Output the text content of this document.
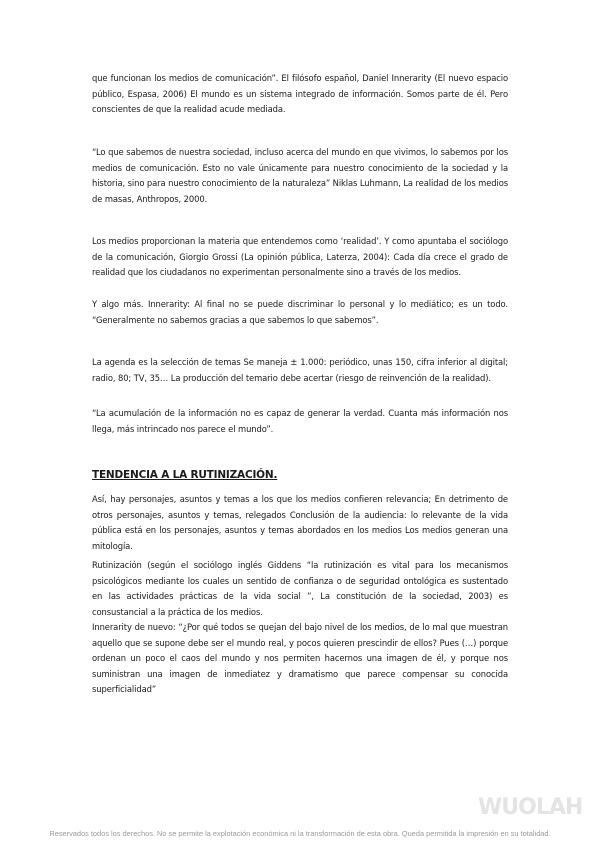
que funcionan los medios de comunicación”. El filósofo español, Daniel Innerarity (El nuevo espacio público, Espasa, 2006) El mundo es un sistema integrado de información. Somos parte de él. Pero conscientes de que la realidad acude mediada.

“Lo que sabemos de nuestra sociedad, incluso acerca del mundo en que vivimos, lo sabemos por los medios de comunicación. Esto no vale únicamente para nuestro conocimiento de la sociedad y la historia, sino para nuestro conocimiento de la naturaleza” Niklas Luhmann, La realidad de los medios de masas, Anthropos, 2000.

Los medios proporcionan la materia que entendemos como ‘realidad’. Y como apuntaba el sociólogo de la comunicación, Giorgio Grossi (La opinión pública, Laterza, 2004): Cada día crece el grado de realidad que los ciudadanos no experimentan personalmente sino a través de los medios.

Y algo más. Innerarity: Al final no se puede discriminar lo personal y lo mediático; es un todo. “Generalmente no sabemos gracias a que sabemos lo que sabemos”.

La agenda es la selección de temas Se maneja ± 1.000: periódico, unas 150, cifra inferior al digital; radio, 80; TV, 35… La producción del temario debe acertar (riesgo de reinvención de la realidad).

“La acumulación de la información no es capaz de generar la verdad. Cuanta más información nos llega, más intrincado nos parece el mundo”.

TENDENCIA A LA RUTINIZACIÓN.

Así, hay personajes, asuntos y temas a los que los medios confieren relevancia; En detrimento de otros personajes, asuntos y temas, relegados Conclusión de la audiencia: lo relevante de la vida pública está en los personajes, asuntos y temas abordados en los medios Los medios generan una mitología.

Rutinización (según el sociólogo inglés Giddens “la rutinización es vital para los mecanismos psicológicos mediante los cuales un sentido de confianza o de seguridad ontológica es sustentado en las actividades prácticas de la vida social ”, La constitución de la sociedad, 2003) es consustancial a la práctica de los medios.

Innerarity de nuevo: “¿Por qué todos se quejan del bajo nivel de los medios, de lo mal que muestran aquello que se supone debe ser el mundo real, y pocos quieren prescindir de ellos? Pues (…) porque ordenan un poco el caos del mundo y nos permiten hacernos una imagen de él, y porque nos suministran una imagen de inmediatez y dramatismo que parece compensar su conocida superficialidad”

WUOLAH
Reservados todos los derechos. No se permite la explotación económica ni la transformación de esta obra. Queda permitida la impresión en su totalidad.
